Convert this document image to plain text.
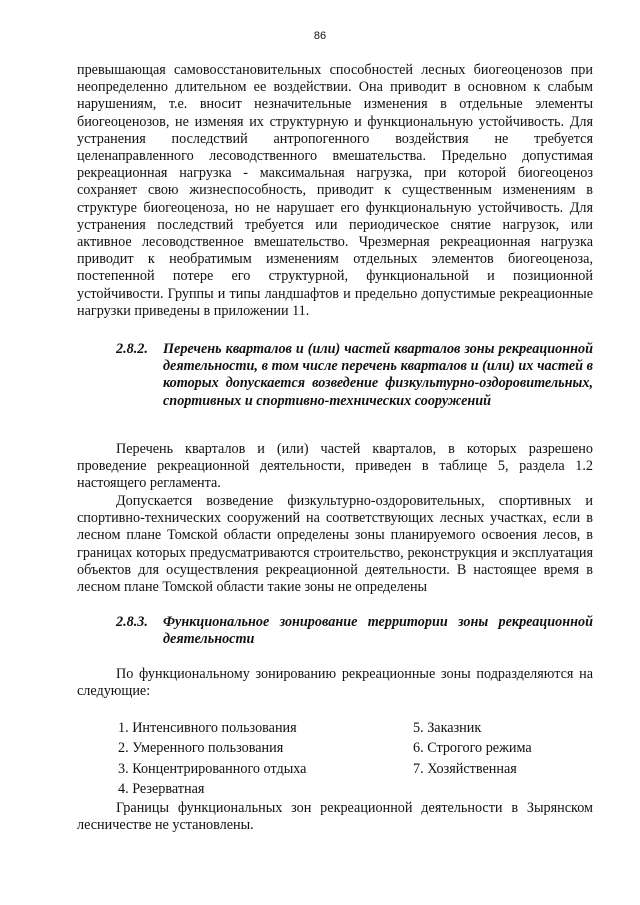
86

превышающая самовосстановительных способностей лесных биогеоценозов при неопределенно длительном ее воздействии. Она приводит в основном к слабым нарушениям, т.е. вносит незначительные изменения в отдельные элементы биогеоценозов, не изменяя их структурную и функциональную устойчивость. Для устранения последствий антропогенного воздействия не требуется целенаправленного лесоводственного вмешательства. Предельно допустимая рекреационная нагрузка - максимальная нагрузка, при которой биогеоценоз сохраняет свою жизнеспособность, приводит к существенным изменениям в структуре биогеоценоза, но не нарушает его функциональную устойчивость. Для устранения последствий требуется или периодическое снятие нагрузок, или активное лесоводственное вмешательство. Чрезмерная рекреационная нагрузка приводит к необратимым изменениям отдельных элементов биогеоценоза, постепенной потере его структурной, функциональной и позиционной устойчивости. Группы и типы ландшафтов и предельно допустимые рекреационные нагрузки приведены в приложении 11.

2.8.2. Перечень кварталов и (или) частей кварталов зоны рекреационной деятельности, в том числе перечень кварталов и (или) их частей в которых допускается возведение физкультурно-оздоровительных, спортивных и спортивно-технических сооружений

Перечень кварталов и (или) частей кварталов, в которых разрешено проведение рекреационной деятельности, приведен в таблице 5, раздела 1.2 настоящего регламента.

Допускается возведение физкультурно-оздоровительных, спортивных и спортивно-технических сооружений на соответствующих лесных участках, если в лесном плане Томской области определены зоны планируемого освоения лесов, в границах которых предусматриваются строительство, реконструкция и эксплуатация объектов для осуществления рекреационной деятельности. В настоящее время в лесном плане Томской области такие зоны не определены

2.8.3. Функциональное зонирование территории зоны рекреационной деятельности

По функциональному зонированию рекреационные зоны подразделяются на следующие:

1. Интенсивного пользования
2. Умеренного пользования
3. Концентрированного отдыха
4. Резерватная
5. Заказник
6. Строгого режима
7. Хозяйственная

Границы функциональных зон рекреационной деятельности в Зырянском лесничестве не установлены.
